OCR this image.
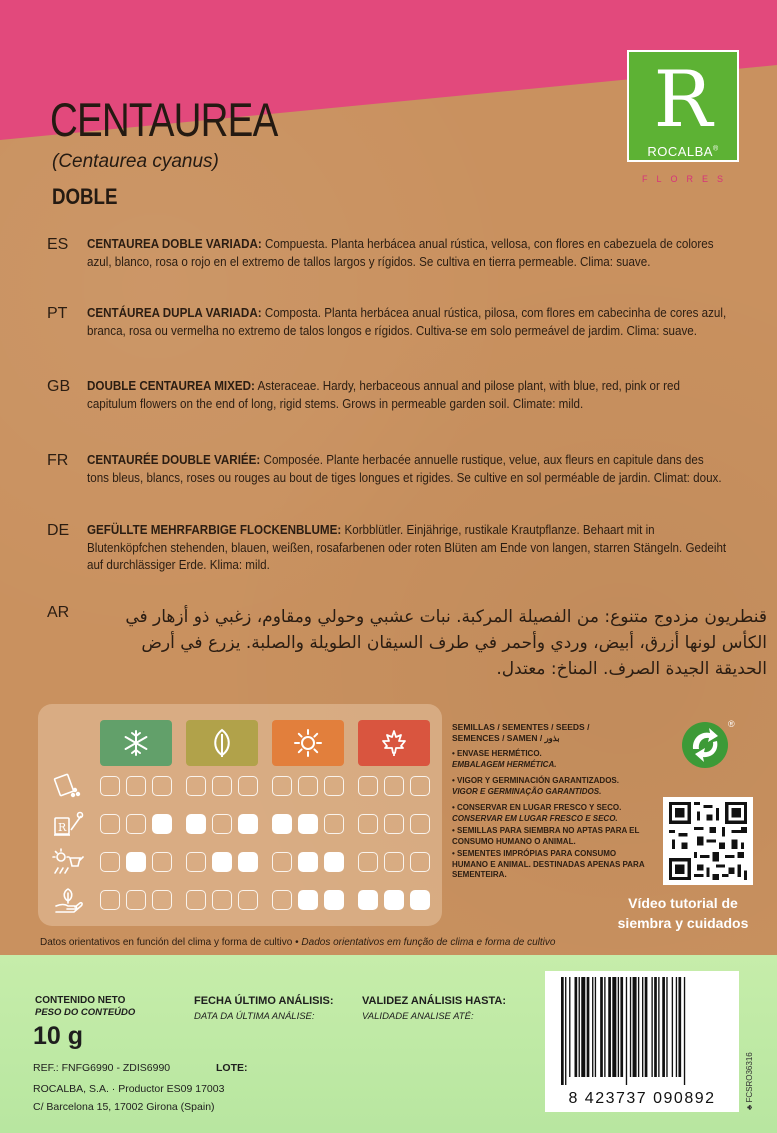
CENTAUREA
(Centaurea cyanus)
DOBLE
R
ROCALBA®
FLORES
ES CENTAUREA DOBLE VARIADA: Compuesta. Planta herbácea anual rústica, vellosa, con flores en cabezuela de colores azul, blanco, rosa o rojo en el extremo de tallos largos y rígidos. Se cultiva en tierra permeable. Clima: suave.
PT CENTÁUREA DUPLA VARIADA: Composta. Planta herbácea anual rústica, pilosa, com flores em cabecinha de cores azul, branca, rosa ou vermelha no extremo de talos longos e rígidos. Cultiva-se em solo permeável de jardim. Clima: suave.
GB DOUBLE CENTAUREA MIXED: Asteraceae. Hardy, herbaceous annual and pilose plant, with blue, red, pink or red capitulum flowers on the end of long, rigid stems. Grows in permeable garden soil. Climate: mild.
FR CENTAURÉE DOUBLE VARIÉE: Composée. Plante herbacée annuelle rustique, velue, aux fleurs en capitule dans des tons bleus, blancs, roses ou rouges au bout de tiges longues et rigides. Se cultive en sol perméable de jardin. Climat: doux.
DE GEFÜLLTE MEHRFARBIGE FLOCKENBLUME: Korbblütler. Einjährige, rustikale Krautpflanze. Behaart mit in Blutenköpfchen stehenden, blauen, weißen, rosafarbenen oder roten Blüten am Ende von langen, starren Stängeln. Gedeiht auf durchlässiger Erde. Klima: mild.
AR	قنطريون مزدوج متنوع: من الفصيلة المركبة. نبات عشبي وحولي ومقاوم، زغبي ذو أزهار في الكأس لونها أزرق، أبيض، وردي وأحمر في طرف السيقان الطويلة والصلبة. يزرع في أرض الحديقة الجيدة الصرف. المناخ: معتدل.
R
SEMILLAS / SEMENTES / SEEDS /
SEMENCES / SAMEN / بذور
• ENVASE HERMÉTICO.
EMBALAGEM HERMÉTICA.
• VIGOR Y GERMINACIÓN GARANTIZADOS.
VIGOR E GERMINAÇÃO GARANTIDOS.
• CONSERVAR EN LUGAR FRESCO Y SECO.
CONSERVAR EM LUGAR FRESCO E SECO.
• SEMILLAS PARA SIEMBRA NO APTAS PARA EL CONSUMO HUMANO O ANIMAL.
• SEMENTES IMPRÓPIAS PARA CONSUMO HUMANO E ANIMAL. DESTINADAS APENAS PARA SEMENTEIRA.
®
Vídeo tutorial de
siembra y cuidados
Datos orientativos en función del clima y forma de cultivo • Dados orientativos em função de clima e forma de cultivo
CONTENIDO NETO
PESO DO CONTEÚDO
10 g
FECHA ÚLTIMO ANÁLISIS:
DATA DA ÚLTIMA ANÁLISE:
VALIDEZ ANÁLISIS HASTA:
VALIDADE ANALISE ATÉ:
REF.: FNFG6990 - ZDIS6990	LOTE:
ROCALBA, S.A. · Productor ES09 17003
C/ Barcelona 15, 17002 Girona (Spain)	8 423737 090892	♣ FCSRO36316
